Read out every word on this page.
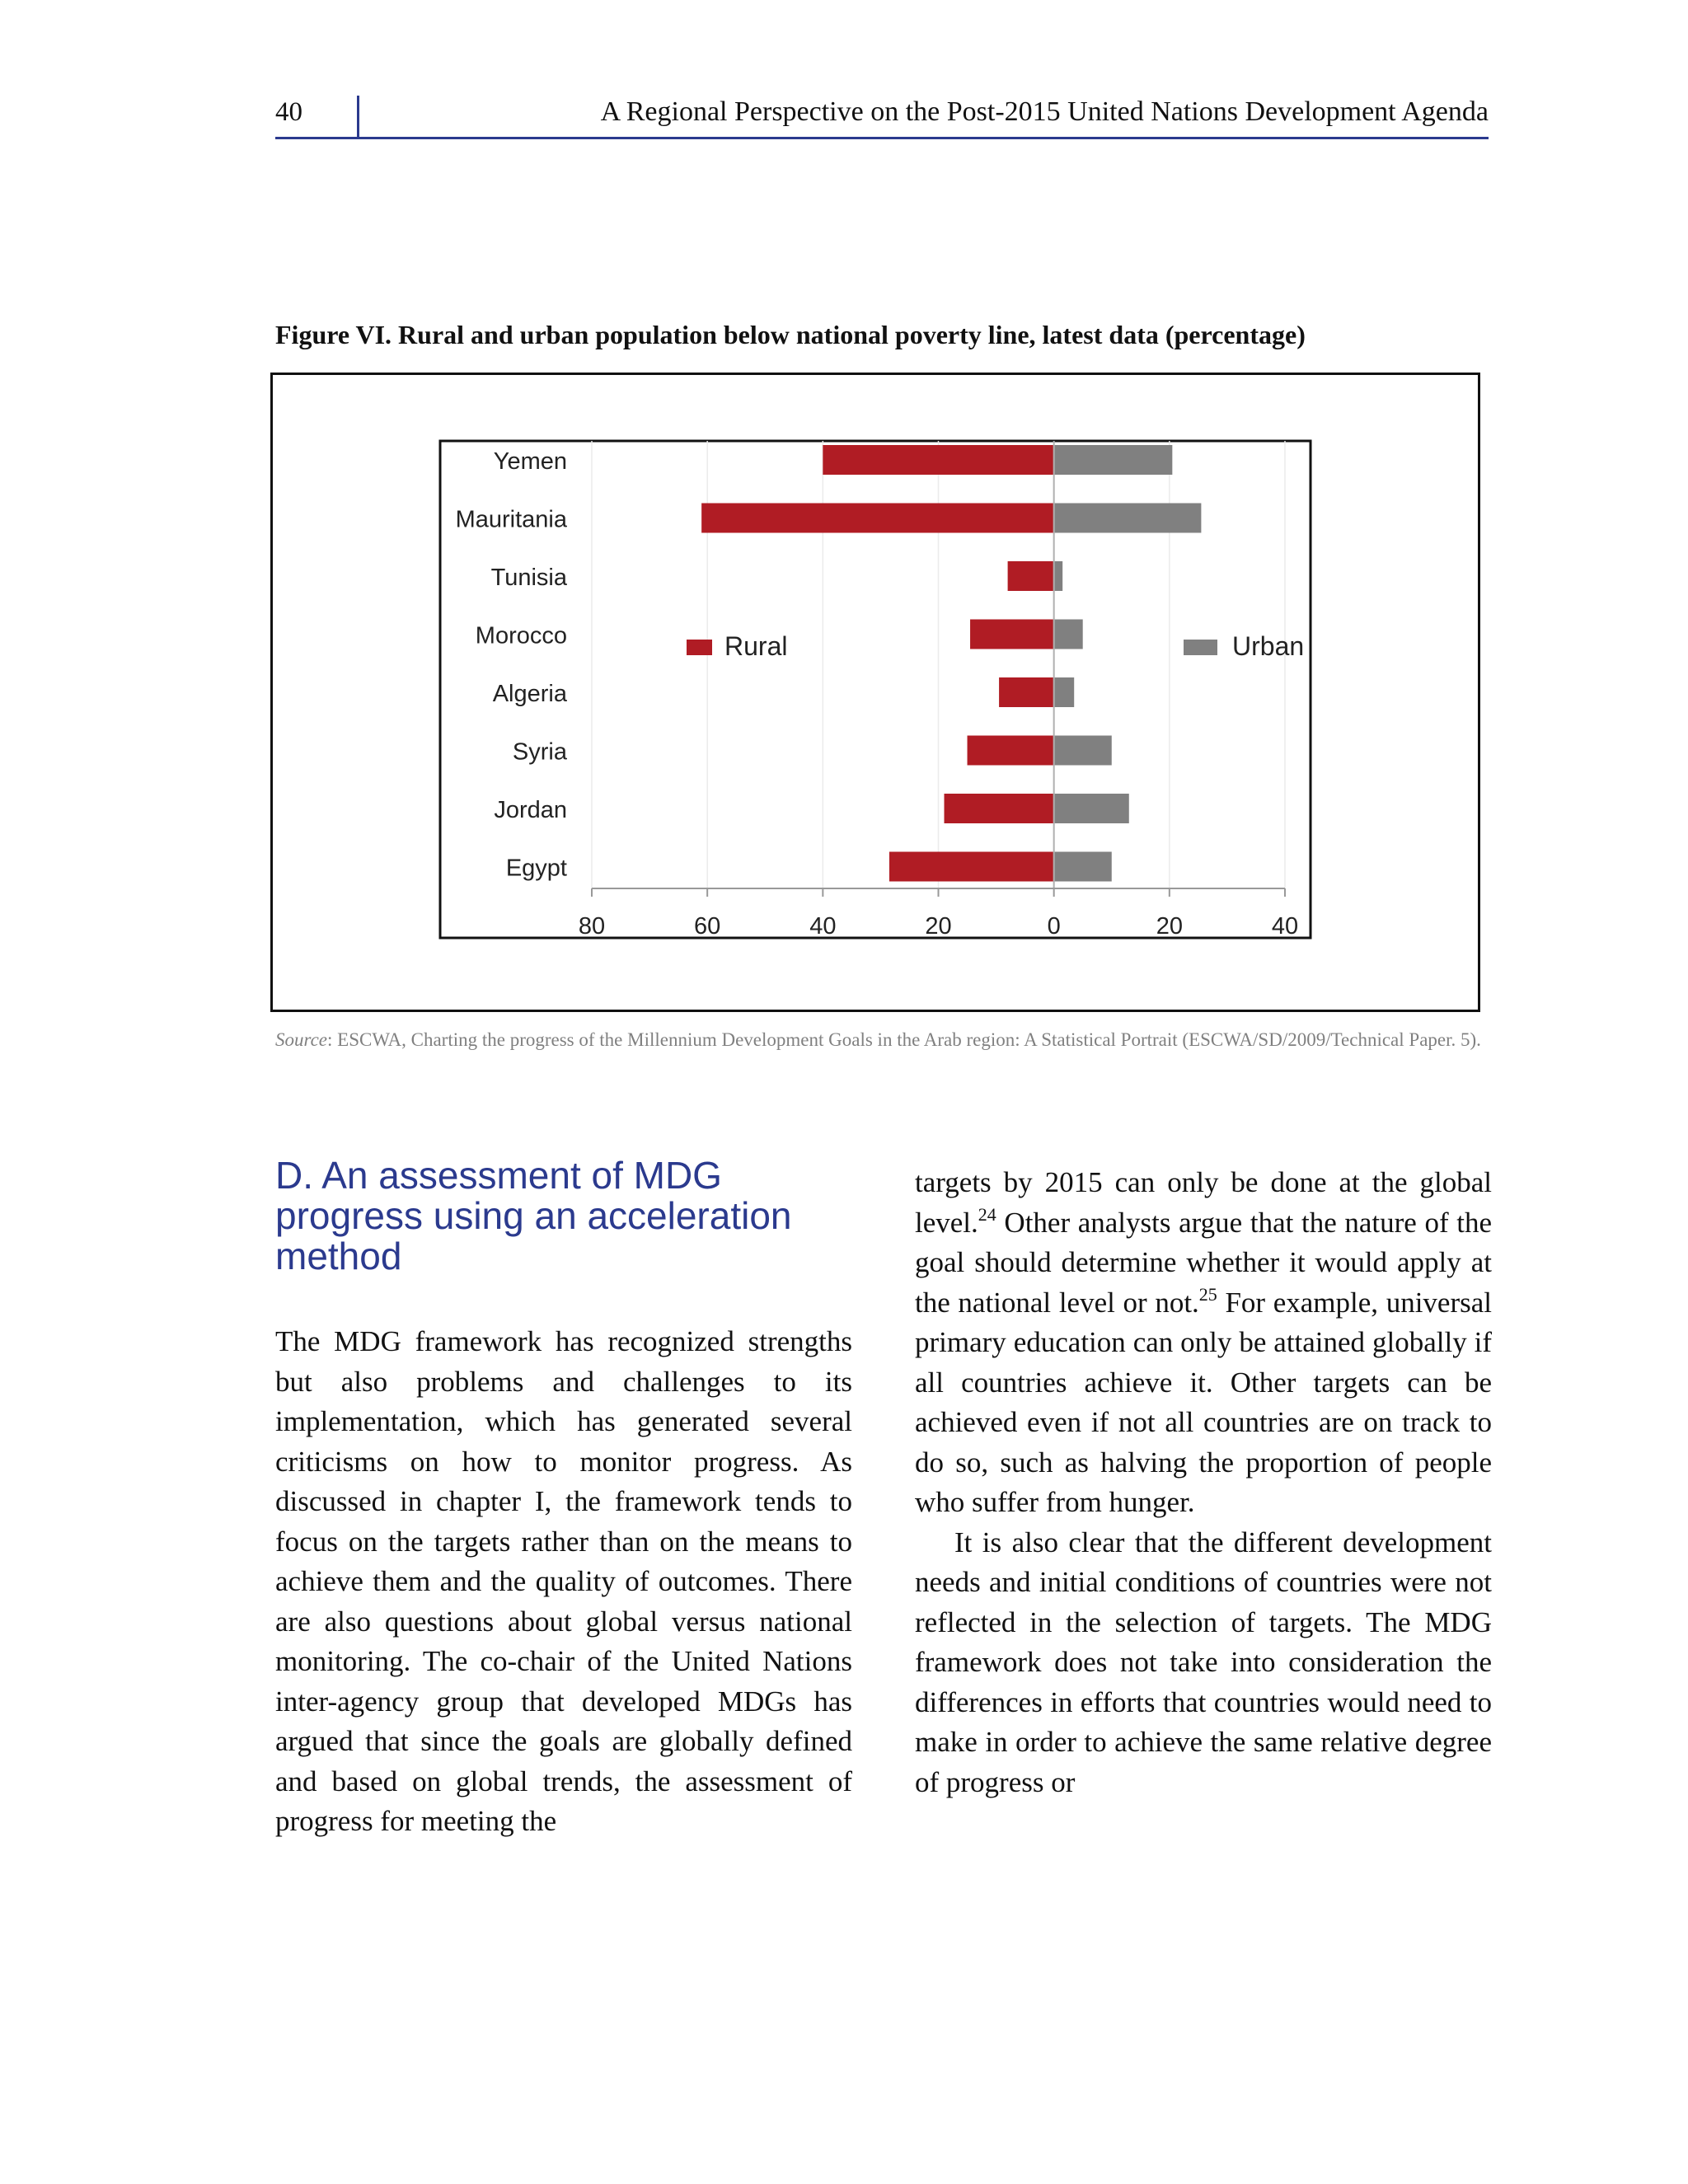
40	A Regional Perspective on the Post-2015 United Nations Development Agenda
Figure VI. Rural and urban population below national poverty line, latest data (percentage)
Yemen
Mauritania
Tunisia
Morocco
Algeria
Syria
Jordan
Egypt
80	60	40	20	0	20	40
Rural	Urban
Source: ESCWA, Charting the progress of the Millennium Development Goals in the Arab region: A Statistical Portrait (ESCWA/SD/2009/Technical Paper. 5).
D. An assessment of MDG progress using an acceleration method

The MDG framework has recognized strengths but also problems and challenges to its implementation, which has generated several criticisms on how to monitor progress. As discussed in chapter I, the framework tends to focus on the targets rather than on the means to achieve them and the quality of outcomes. There are also questions about global versus national monitoring. The co-chair of the United Nations inter-agency group that developed MDGs has argued that since the goals are globally defined and based on global trends, the assessment of progress for meeting the

targets by 2015 can only be done at the global level.$^{24}$ Other analysts argue that the nature of the goal should determine whether it would apply at the national level or not.$^{25}$ For example, universal primary education can only be attained globally if all countries achieve it. Other targets can be achieved even if not all countries are on track to do so, such as halving the proportion of people who suffer from hunger.

It is also clear that the different development needs and initial conditions of countries were not reflected in the selection of targets. The MDG framework does not take into consideration the differences in efforts that countries would need to make in order to achieve the same relative degree of progress or
